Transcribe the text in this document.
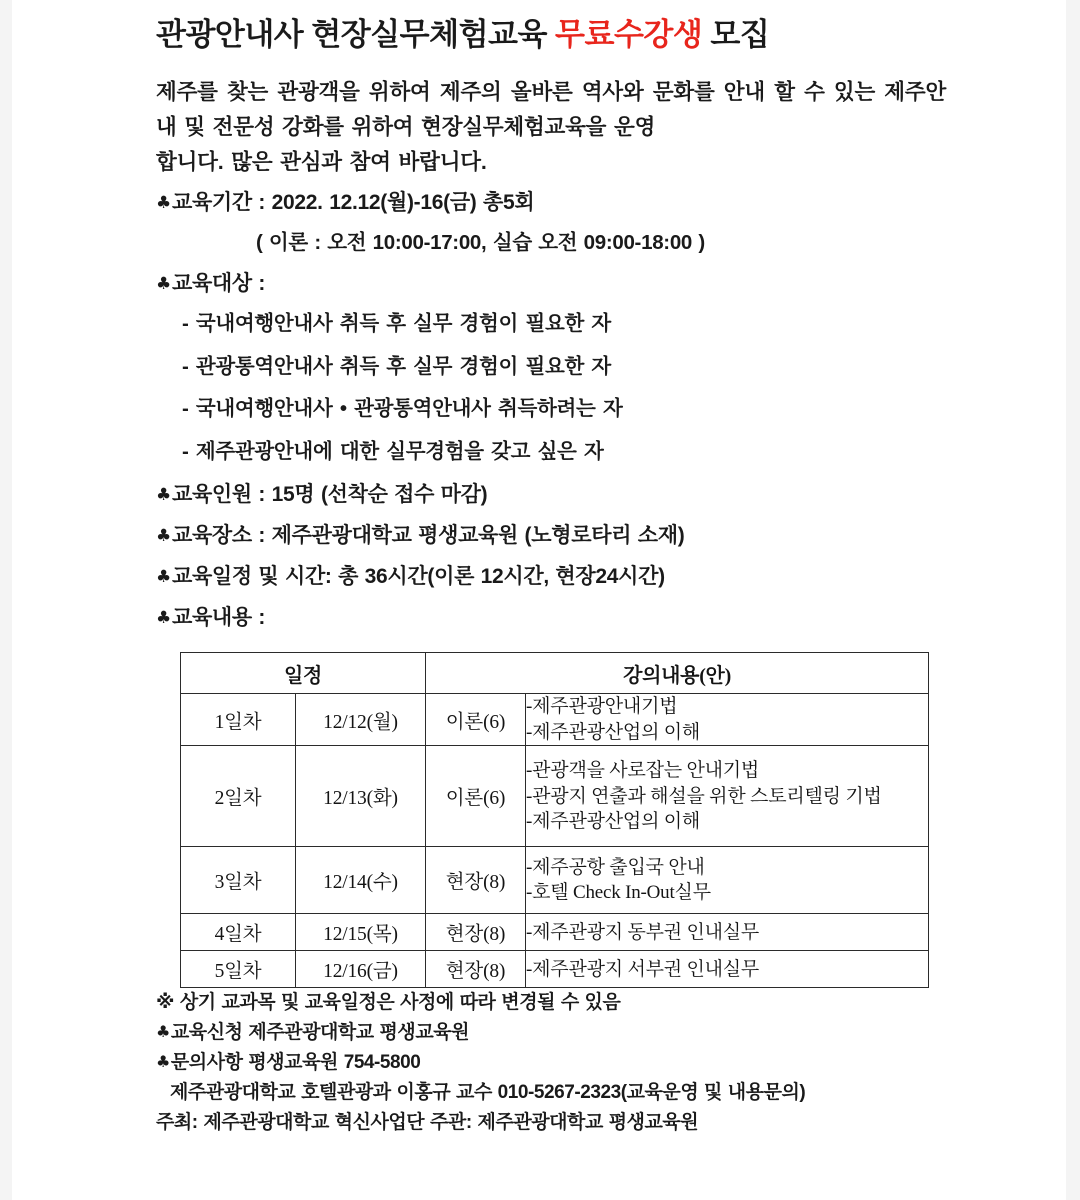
관광안내사 현장실무체험교육 무료수강생 모집

제주를 찾는 관광객을 위하여 제주의 올바른 역사와 문화를 안내 할 수 있는 제주안내 및 전문성 강화를 위하여 현장실무체험교육을 운영
합니다. 많은 관심과 참여 바랍니다.

♣교육기간 : 2022. 12.12(월)-16(금) 총5회
( 이론 : 오전 10:00-17:00, 실습 오전 09:00-18:00 )
♣교육대상 :
- 국내여행안내사 취득 후 실무 경험이 필요한 자
- 관광통역안내사 취득 후 실무 경험이 필요한 자
- 국내여행안내사 • 관광통역안내사 취득하려는 자
- 제주관광안내에 대한 실무경험을 갖고 싶은 자
♣교육인원 : 15명 (선착순 접수 마감)
♣교육장소 : 제주관광대학교 평생교육원 (노형로타리 소재)
♣교육일정 및 시간: 총 36시간(이론 12시간, 현장24시간)
♣교육내용 :
일정		강의내용(안)	
1일차	12/12(월)	이론(6)	-제주관광안내기법
-제주관광산업의 이해

2일차	12/13(화)	이론(6)	-관광객을 사로잡는 안내기법
-관광지 연출과 해설을 위한 스토리텔링 기법
-제주관광산업의 이해

3일차	12/14(수)	현장(8)	-제주공항 출입국 안내
-호텔 Check In-Out실무

4일차	12/15(목)	현장(8)	-제주관광지 동부권 인내실무

5일차	12/16(금)	현장(8)	-제주관광지 서부권 인내실무
※ 상기 교과목 및 교육일정은 사정에 따라 변경될 수 있음
♣교육신청 제주관광대학교 평생교육원
♣문의사항 평생교육원 754-5800
제주관광대학교 호텔관광과 이홍규 교수 010-5267-2323(교육운영 및 내용문의)
주최: 제주관광대학교 혁신사업단 주관: 제주관광대학교 평생교육원
